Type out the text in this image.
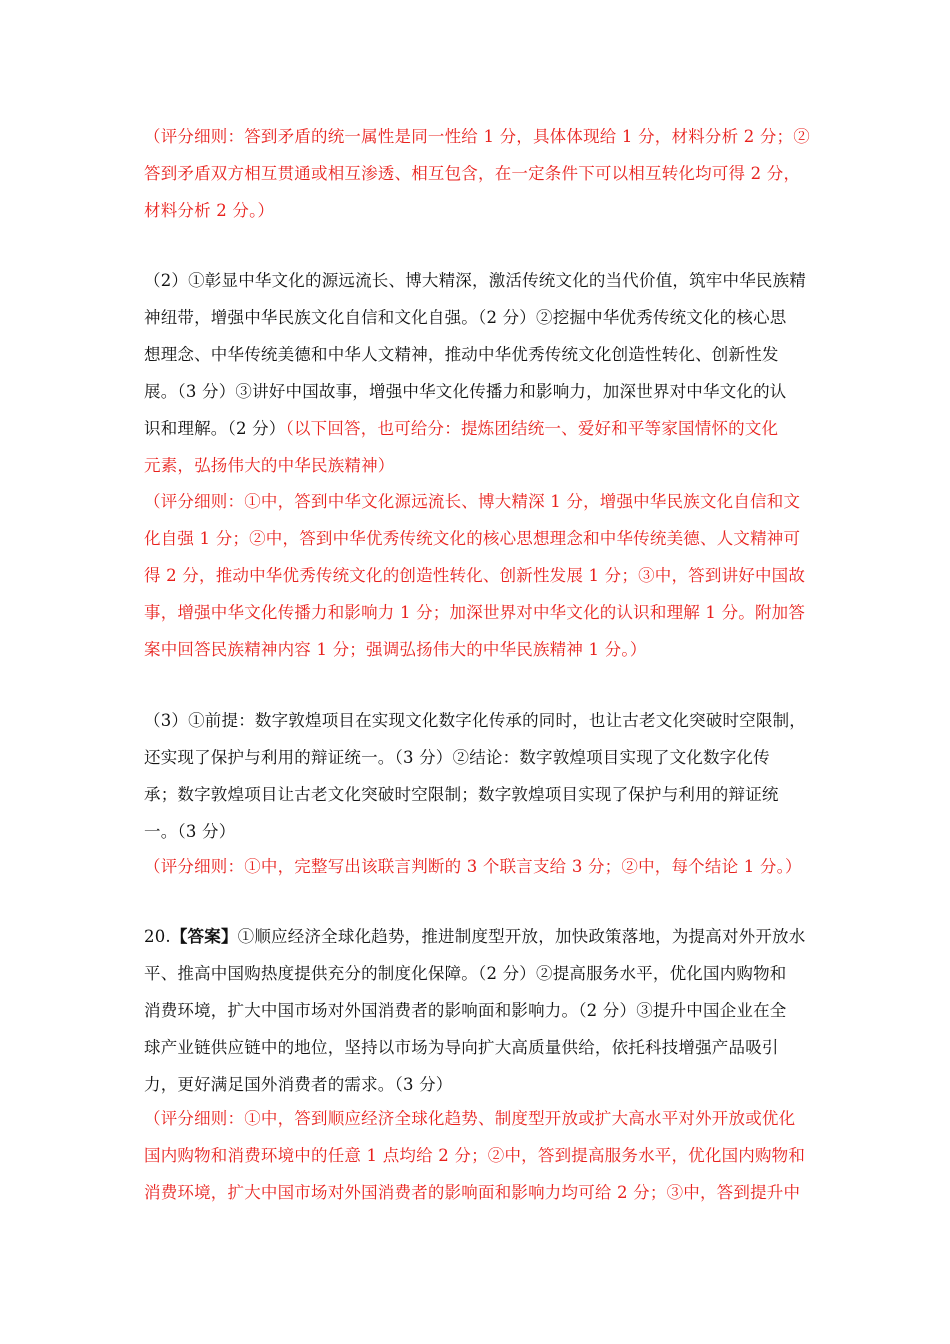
（评分细则：答到矛盾的统一属性是同一性给 1 分，具体体现给 1 分，材料分析 2 分；②
答到矛盾双方相互贯通或相互渗透、相互包含，在一定条件下可以相互转化均可得 2 分，
材料分析 2 分。）
（2）①彰显中华文化的源远流长、博大精深，激活传统文化的当代价值，筑牢中华民族精
神纽带，增强中华民族文化自信和文化自强。（2 分）②挖掘中华优秀传统文化的核心思
想理念、中华传统美德和中华人文精神，推动中华优秀传统文化创造性转化、创新性发
展。（3 分）③讲好中国故事，增强中华文化传播力和影响力，加深世界对中华文化的认
识和理解。（2 分）（以下回答，也可给分：提炼团结统一、爱好和平等家国情怀的文化
元素，弘扬伟大的中华民族精神）
（评分细则：①中，答到中华文化源远流长、博大精深 1 分，增强中华民族文化自信和文
化自强 1 分；②中，答到中华优秀传统文化的核心思想理念和中华传统美德、人文精神可
得 2 分，推动中华优秀传统文化的创造性转化、创新性发展 1 分；③中，答到讲好中国故
事，增强中华文化传播力和影响力 1 分；加深世界对中华文化的认识和理解 1 分。附加答
案中回答民族精神内容 1 分；强调弘扬伟大的中华民族精神 1 分。）
（3）①前提：数字敦煌项目在实现文化数字化传承的同时，也让古老文化突破时空限制，
还实现了保护与利用的辩证统一。（3 分）②结论：数字敦煌项目实现了文化数字化传
承；数字敦煌项目让古老文化突破时空限制；数字敦煌项目实现了保护与利用的辩证统
一。（3 分）
（评分细则：①中，完整写出该联言判断的 3 个联言支给 3 分；②中，每个结论 1 分。）
20.【答案】①顺应经济全球化趋势，推进制度型开放，加快政策落地，为提高对外开放水
平、推高中国购热度提供充分的制度化保障。（2 分）②提高服务水平，优化国内购物和
消费环境，扩大中国市场对外国消费者的影响面和影响力。（2 分）③提升中国企业在全
球产业链供应链中的地位，坚持以市场为导向扩大高质量供给，依托科技增强产品吸引
力，更好满足国外消费者的需求。（3 分）
（评分细则：①中，答到顺应经济全球化趋势、制度型开放或扩大高水平对外开放或优化
国内购物和消费环境中的任意 1 点均给 2 分；②中，答到提高服务水平，优化国内购物和
消费环境，扩大中国市场对外国消费者的影响面和影响力均可给 2 分；③中，答到提升中
